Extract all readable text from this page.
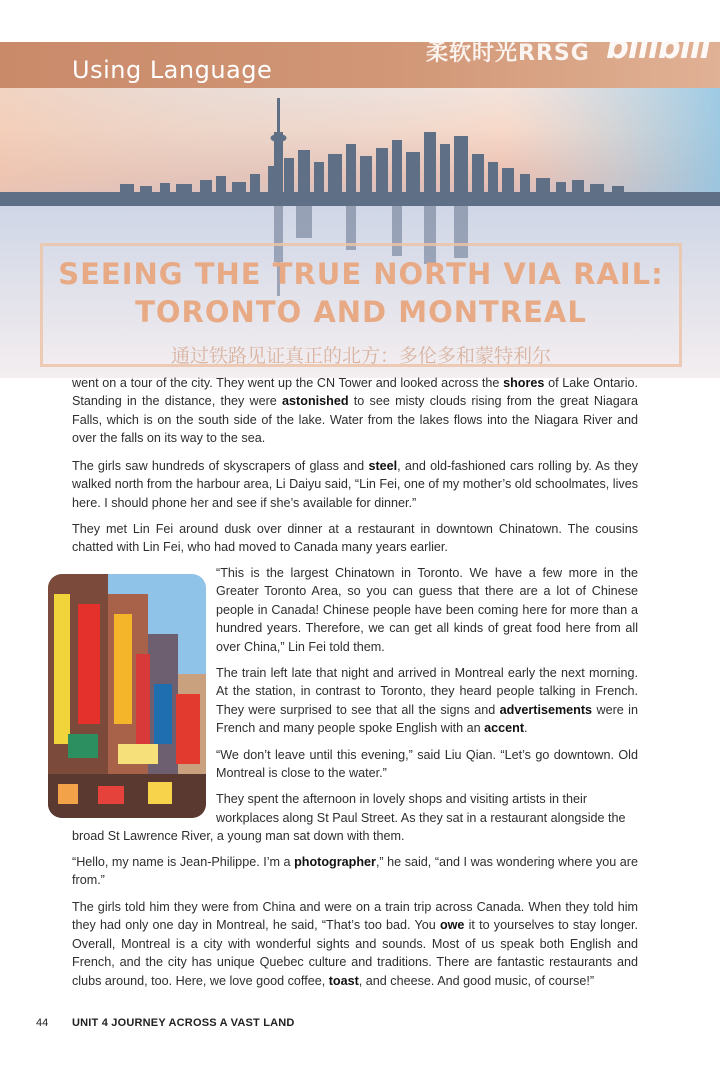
Using Language
柔软时光RRSG bilibili
SEEING THE TRUE NORTH VIA RAIL:
TORONTO AND MONTREAL
通过铁路见证真正的北方：多伦多和蒙特利尔
went on a tour of the city. They went up the CN Tower and looked across the shores of Lake Ontario. Standing in the distance, they were astonished to see misty clouds rising from the great Niagara Falls, which is on the south side of the lake. Water from the lakes flows into the Niagara River and over the falls on its way to the sea.
The girls saw hundreds of skyscrapers of glass and steel, and old-fashioned cars rolling by. As they walked north from the harbour area, Li Daiyu said, “Lin Fei, one of my mother’s old schoolmates, lives here. I should phone her and see if she’s available for dinner.”
They met Lin Fei around dusk over dinner at a restaurant in downtown Chinatown. The cousins chatted with Lin Fei, who had moved to Canada many years earlier.
“This is the largest Chinatown in Toronto. We have a few more in the Greater Toronto Area, so you can guess that there are a lot of Chinese people in Canada! Chinese people have been coming here for more than a hundred years. Therefore, we can get all kinds of great food here from all over China,” Lin Fei told them.
The train left late that night and arrived in Montreal early the next morning. At the station, in contrast to Toronto, they heard people talking in French. They were surprised to see that all the signs and advertisements were in French and many people spoke English with an accent.
“We don’t leave until this evening,” said Liu Qian. “Let’s go downtown. Old Montreal is close to the water.”
They spent the afternoon in lovely shops and visiting artists in their
workplaces along St Paul Street. As they sat in a restaurant alongside the
broad St Lawrence River, a young man sat down with them.
“Hello, my name is Jean-Philippe. I’m a photographer,” he said, “and I was wondering where you are from.”
The girls told him they were from China and were on a train trip across Canada. When they told him they had only one day in Montreal, he said, “That’s too bad. You owe it to yourselves to stay longer. Overall, Montreal is a city with wonderful sights and sounds. Most of us speak both English and French, and the city has unique Quebec culture and traditions. There are fantastic restaurants and clubs around, too. Here, we love good coffee, toast, and cheese. And good music, of course!”
44 UNIT 4 JOURNEY ACROSS A VAST LAND
